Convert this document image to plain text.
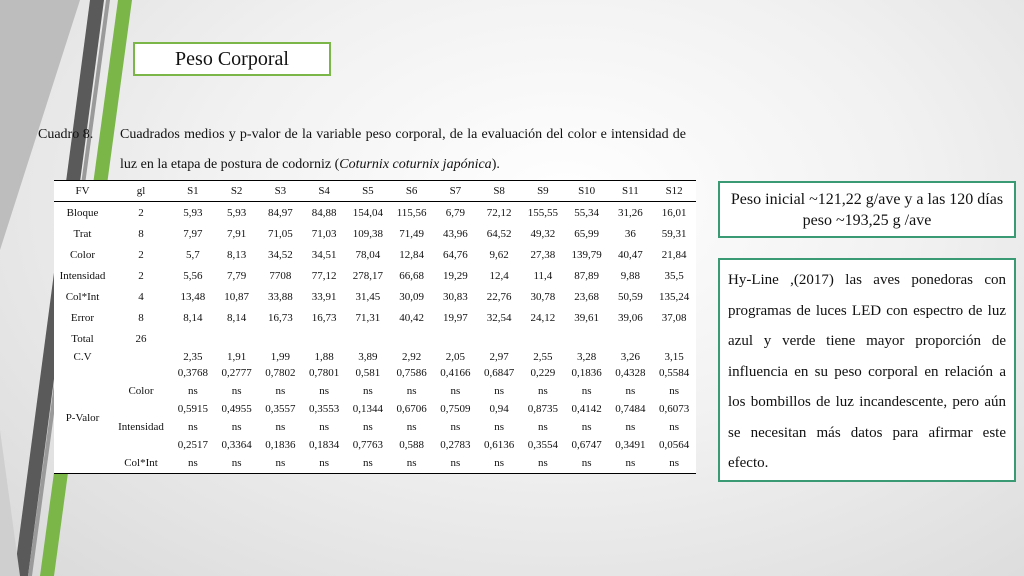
Peso Corporal
Cuadro 8. Cuadrados medios y p-valor de la variable peso corporal, de la evaluación del color e intensidad de luz en la etapa de postura de codorniz (Coturnix coturnix japónica).
FV	gl	S1	S2	S3	S4	S5	S6	S7	S8	S9	S10	S11	S12
Bloque	2	5,93	5,93	84,97	84,88	154,04	115,56	6,79	72,12	155,55	55,34	31,26	16,01
Trat	8	7,97	7,91	71,05	71,03	109,38	71,49	43,96	64,52	49,32	65,99	36	59,31
Color	2	5,7	8,13	34,52	34,51	78,04	12,84	64,76	9,62	27,38	139,79	40,47	21,84
Intensidad	2	5,56	7,79	7708	77,12	278,17	66,68	19,29	12,4	11,4	87,89	9,88	35,5
Col*Int	4	13,48	10,87	33,88	33,91	31,45	30,09	30,83	22,76	30,78	23,68	50,59	135,24
Error	8	8,14	8,14	16,73	16,73	71,31	40,42	19,97	32,54	24,12	39,61	39,06	37,08
Total	26												
C.V		2,35	1,91	1,99	1,88	3,89	2,92	2,05	2,97	2,55	3,28	3,26	3,15
	Color	0,3768	0,2777	0,7802	0,7801	0,581	0,7586	0,4166	0,6847	0,229	0,1836	0,4328	0,5584
		ns	ns	ns	ns	ns	ns	ns	ns	ns	ns	ns	ns
P-Valor	Intensidad	0,5915	0,4955	0,3557	0,3553	0,1344	0,6706	0,7509	0,94	0,8735	0,4142	0,7484	0,6073
		ns	ns	ns	ns	ns	ns	ns	ns	ns	ns	ns	ns
	Col*Int	0,2517	0,3364	0,1836	0,1834	0,7763	0,588	0,2783	0,6136	0,3554	0,6747	0,3491	0,0564
		ns	ns	ns	ns	ns	ns	ns	ns	ns	ns	ns	ns
Peso inicial ~121,22 g/ave y a las 120 días peso ~193,25 g /ave
Hy-Line ,(2017) las aves ponedoras con programas de luces LED con espectro de luz azul y verde tiene mayor proporción de influencia en su peso corporal en relación a los bombillos de luz incandescente, pero aún se necesitan más datos para afirmar este efecto.
